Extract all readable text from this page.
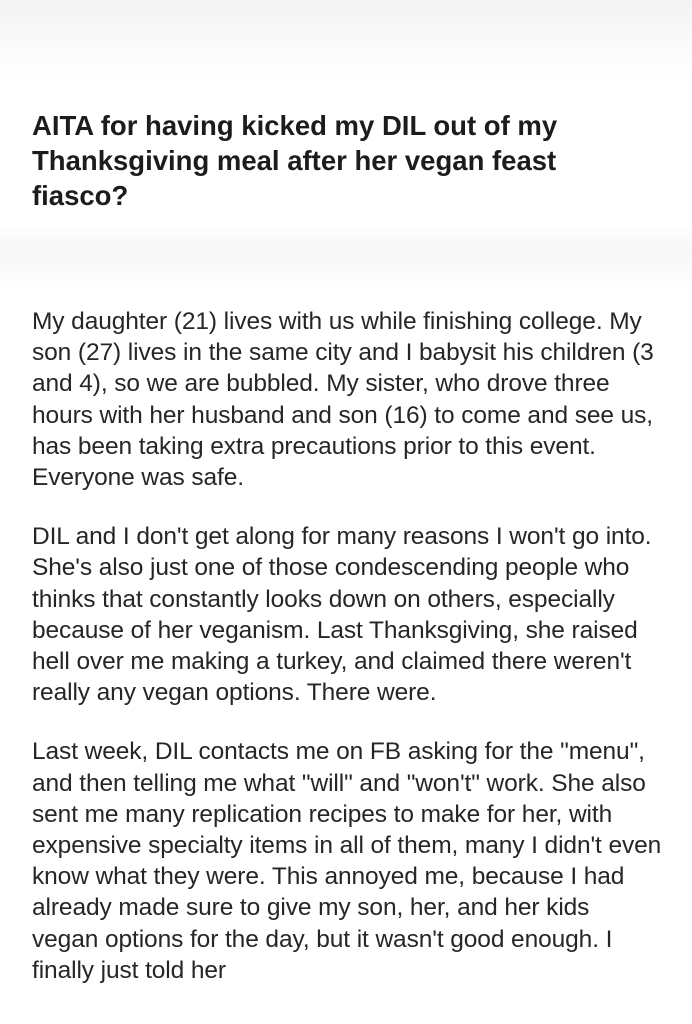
AITA for having kicked my DIL out of my Thanksgiving meal after her vegan feast fiasco?

My daughter (21) lives with us while finishing college. My son (27) lives in the same city and I babysit his children (3 and 4), so we are bubbled. My sister, who drove three hours with her husband and son (16) to come and see us, has been taking extra precautions prior to this event. Everyone was safe.

DIL and I don't get along for many reasons I won't go into. She's also just one of those condescending people who thinks that constantly looks down on others, especially because of her veganism. Last Thanksgiving, she raised hell over me making a turkey, and claimed there weren't really any vegan options. There were.

Last week, DIL contacts me on FB asking for the "menu", and then telling me what "will" and "won't" work. She also sent me many replication recipes to make for her, with expensive specialty items in all of them, many I didn't even know what they were. This annoyed me, because I had already made sure to give my son, her, and her kids vegan options for the day, but it wasn't good enough. I finally just told her
